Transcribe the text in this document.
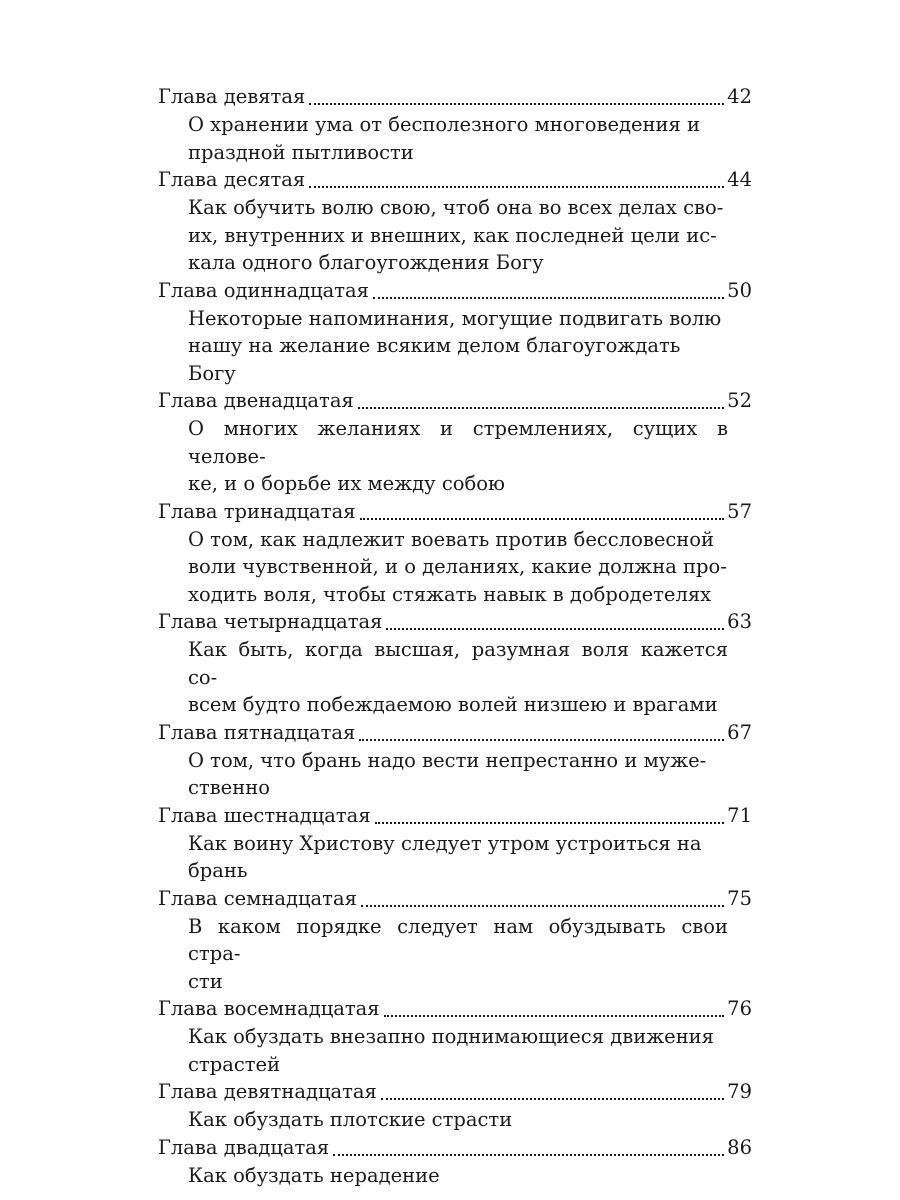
Глава девятая	42
О хранении ума от бесполезного многоведения и
праздной пытливости
Глава десятая	44
Как обучить волю свою, чтоб она во всех делах сво-
их, внутренних и внешних, как последней цели ис-
кала одного благоугождения Богу
Глава одиннадцатая	50
Некоторые напоминания, могущие подвигать волю
нашу на желание всяким делом благоугождать
Богу
Глава двенадцатая	52
О многих желаниях и стремлениях, сущих в челове-
ке, и о борьбе их между собою
Глава тринадцатая	57
О том, как надлежит воевать против бессловесной
воли чувственной, и о деланиях, какие должна про-
ходить воля, чтобы стяжать навык в добродетелях
Глава четырнадцатая	63
Как быть, когда высшая, разумная воля кажется со-
всем будто побеждаемою волей низшею и врагами
Глава пятнадцатая	67
О том, что брань надо вести непрестанно и муже-
ственно
Глава шестнадцатая	71
Как воину Христову следует утром устроиться на
брань
Глава семнадцатая	75
В каком порядке следует нам обуздывать свои стра-
сти
Глава восемнадцатая	76
Как обуздать внезапно поднимающиеся движения
страстей
Глава девятнадцатая	79
Как обуздать плотские страсти
Глава двадцатая	86
Как обуздать нерадение
